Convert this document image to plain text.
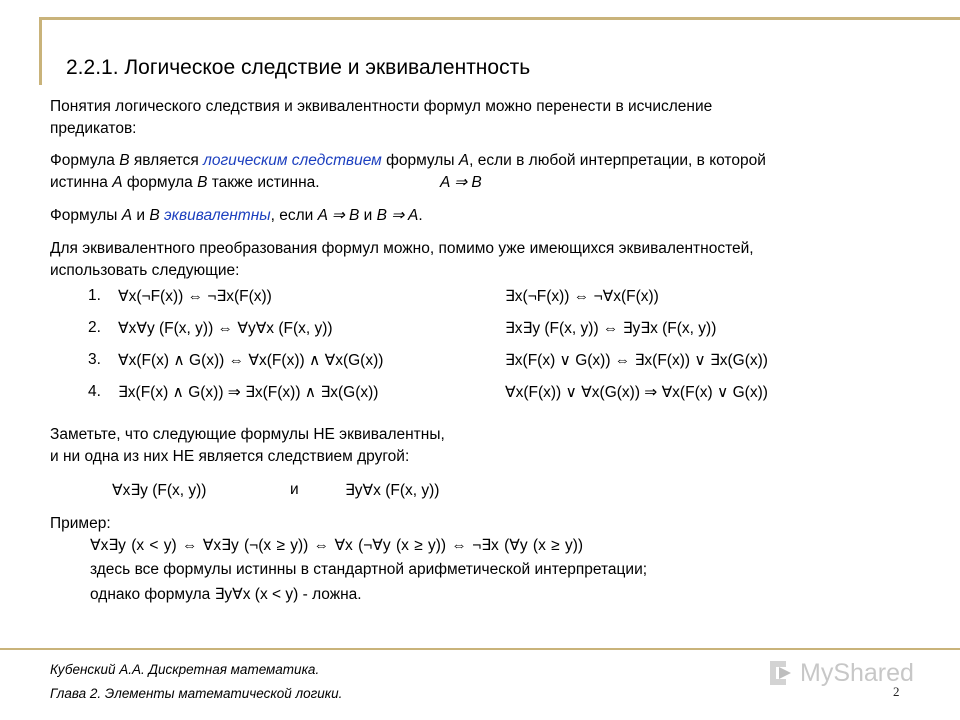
2.2.1. Логическое следствие и эквивалентность
Понятия логического следствия и эквивалентности формул можно перенести в исчисление
предикатов:
Формула B является логическим следствием формулы A, если в любой интерпретации, в которой
истинна A формула B также истинна.	A ⇒ B
Формулы A и B эквивалентны, если A ⇒ B и B ⇒ A.
Для эквивалентного преобразования формул можно, помимо уже имеющихся эквивалентностей,
использовать следующие:
1. ∀x(¬F(x)) ⇔ ¬∃x(F(x))	∃x(¬F(x)) ⇔ ¬∀x(F(x))
2. ∀x∀y (F(x, y)) ⇔ ∀y∀x (F(x, y))	∃x∃y (F(x, y)) ⇔ ∃y∃x (F(x, y))
3. ∀x(F(x) ∧ G(x)) ⇔ ∀x(F(x)) ∧ ∀x(G(x))	∃x(F(x) ∨ G(x)) ⇔ ∃x(F(x)) ∨ ∃x(G(x))
4. ∃x(F(x) ∧ G(x)) ⇒ ∃x(F(x)) ∧ ∃x(G(x))	∀x(F(x)) ∨ ∀x(G(x)) ⇒ ∀x(F(x) ∨ G(x))
Заметьте, что следующие формулы НЕ эквивалентны,
и ни одна из них НЕ является следствием другой:
∀x∃y (F(x, y))	и	∃y∀x (F(x, y))
Пример:
∀x∃y (x < y) ⇔ ∀x∃y (¬(x ≥ y)) ⇔ ∀x (¬∀y (x ≥ y)) ⇔ ¬∃x (∀y (x ≥ y))
здесь все формулы истинны в стандартной арифметической интерпретации;
однако формула ∃y∀x (x < y) - ложна.
Кубенский А.А. Дискретная математика.
Глава 2. Элементы математической логики.
MyShared
2
